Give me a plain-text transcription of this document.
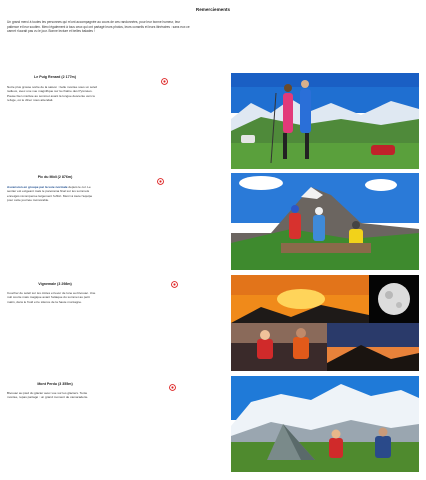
Remerciements
Un grand merci à toutes les personnes qui m'ont accompagnée au cours de ces randonnées, pour leur bonne humeur, leur patience et leur soutien. Merci également à tous ceux qui ont partagé leurs photos, leurs conseils et leurs itinéraires : sans eux ce carnet n'aurait pas vu le jour. Bonne lecture et belles balades !
Le Puig Renard (2 177m)
Notre plus grosse sortie de la saison : belle montée sous un soleil radieux, avec une vue magnifique sur la chaîne des Pyrénées. Pause bien méritée au sommet avant la longue descente vers le refuge, où le dîner nous attendait.
Pic du Midi (2 876m)
Ascension en groupe par la voie normale depuis le col. Le sentier est exigeant mais le panorama final sur les sommets enneigés récompense largement l'effort. Merci à toute l'équipe pour cette journée mémorable.
Vignemale (3 298m)
Coucher de soleil sur les crêtes et lever de lune au bivouac. Une nuit courte mais magique avant l'attaque du sommet au petit matin, dans le froid et le silence de la haute montagne.
Mont Perdu (3 355m)
Bivouac au pied du glacier avec vue sur les glaciers. Tente montée, repas partagé : un grand moment de camaraderie.
